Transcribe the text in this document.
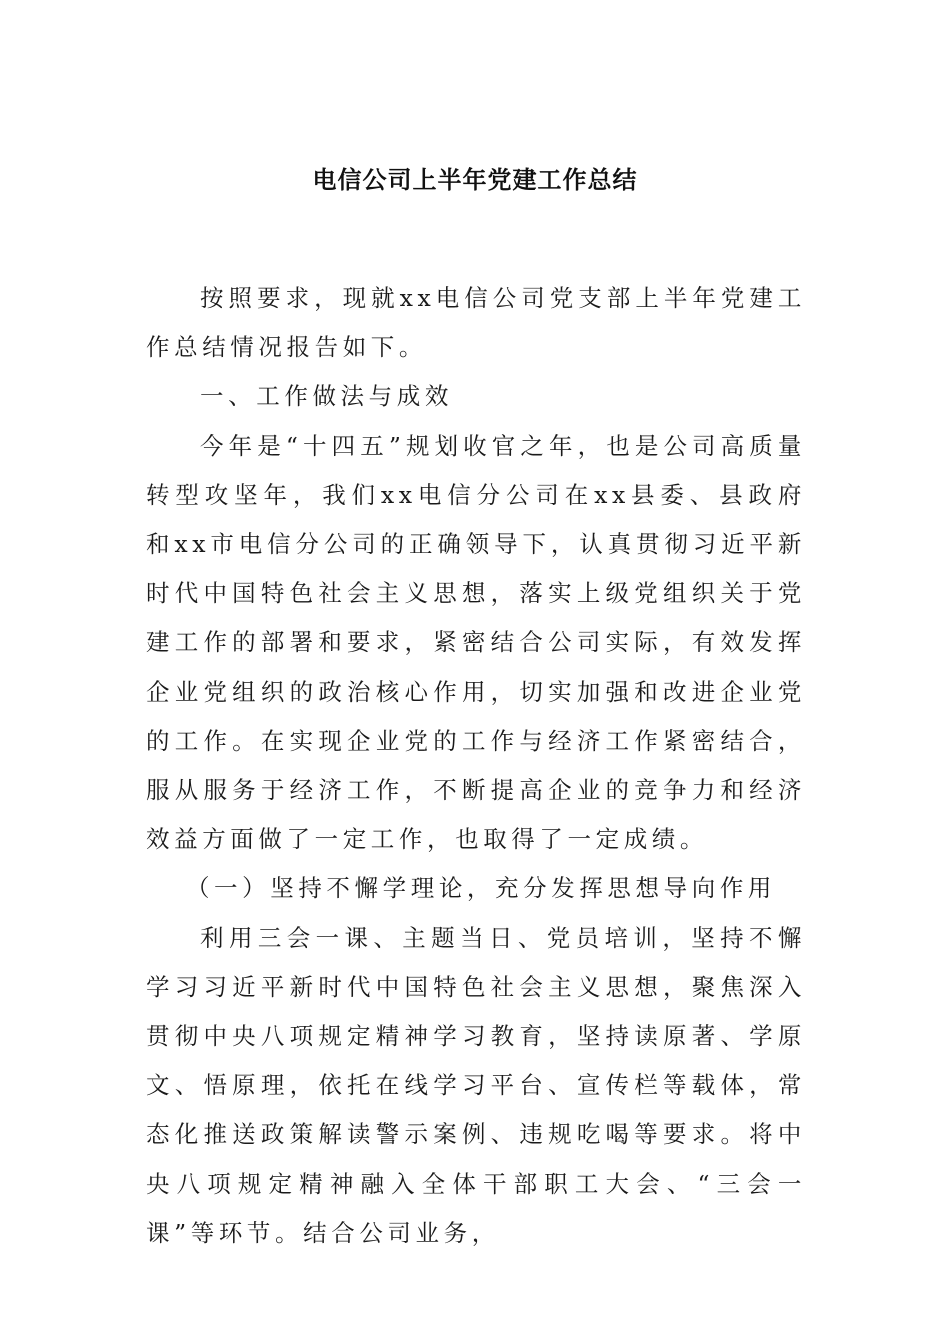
电信公司上半年党建工作总结

按照要求，现就xx电信公司党支部上半年党建工作总结情况报告如下。

一、工作做法与成效

今年是“十四五”规划收官之年，也是公司高质量转型攻坚年，我们xx电信分公司在xx县委、县政府和xx市电信分公司的正确领导下，认真贯彻习近平新时代中国特色社会主义思想，落实上级党组织关于党建工作的部署和要求，紧密结合公司实际，有效发挥企业党组织的政治核心作用，切实加强和改进企业党的工作。在实现企业党的工作与经济工作紧密结合，服从服务于经济工作，不断提高企业的竞争力和经济效益方面做了一定工作，也取得了一定成绩。

（一）坚持不懈学理论，充分发挥思想导向作用

利用三会一课、主题当日、党员培训，坚持不懈学习习近平新时代中国特色社会主义思想，聚焦深入贯彻中央八项规定精神学习教育，坚持读原著、学原文、悟原理，依托在线学习平台、宣传栏等载体，常态化推送政策解读警示案例、违规吃喝等要求。将中央八项规定精神融入全体干部职工大会、“三会一课”等环节。结合公司业务，
